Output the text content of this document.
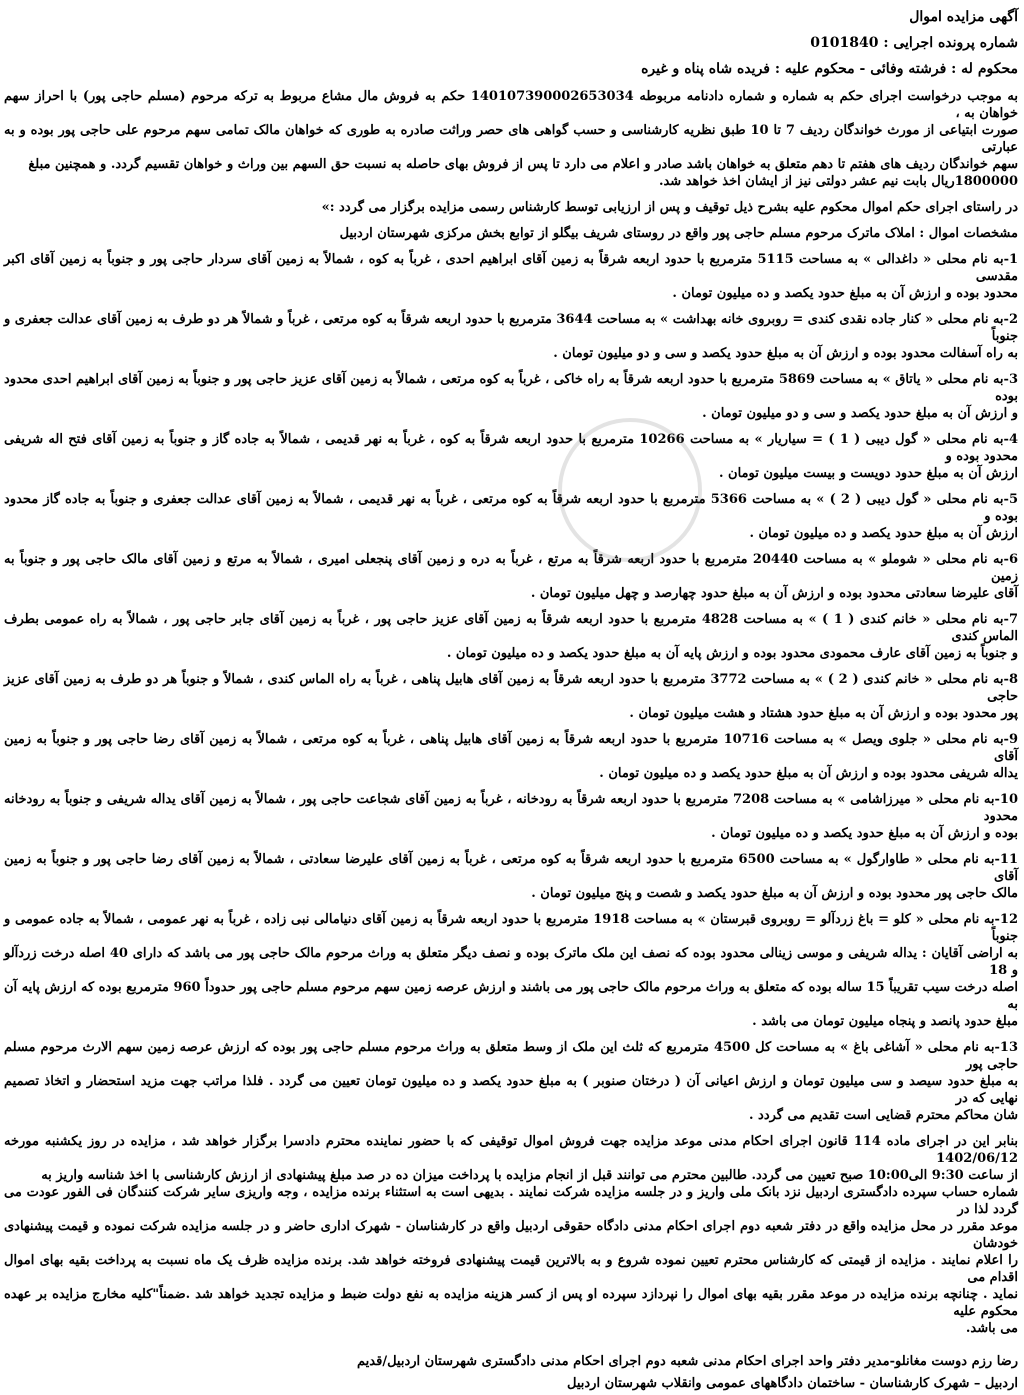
آگهی مزایده اموال

شماره پرونده اجرایی : 0101840

محکوم له : فرشته وفائی - محکوم علیه : فریده شاه پناه و غیره

به موجب درخواست اجرای حکم به شماره و شماره دادنامه مربوطه 140107390002653034 حکم به فروش مال مشاع مربوط به ترکه مرحوم (مسلم حاجی پور) با احراز سهم خواهان به ،

صورت ابتیاعی از مورث خواندگان ردیف 7 تا 10 طبق نظریه کارشناسی و حسب گواهی های حصر وراثت صادره به طوری که خواهان مالک تمامی سهم مرحوم علی حاجی پور بوده و به عبارتی

سهم خواندگان ردیف های هفتم تا دهم متعلق به خواهان باشد صادر و اعلام می دارد تا پس از فروش بهای حاصله به نسبت حق السهم بین وراث و خواهان تقسیم گردد. و همچنین مبلغ

1800000ریال بابت نیم عشر دولتی نیز از ایشان اخذ خواهد شد.

در راستای اجرای حکم اموال محکوم علیه بشرح ذیل توقیف و پس از ارزیابی توسط کارشناس رسمی مزایده برگزار می گردد :»

مشخصات اموال : املاک ماترک مرحوم مسلم حاجی پور واقع در روستای شریف بیگلو از توابع بخش مرکزی شهرستان اردبیل

1-به نام محلی « داغدالی » به مساحت 5115 مترمربع با حدود اربعه شرقاً به زمین آقای ابراهیم احدی ، غرباً به کوه ، شمالاً به زمین آقای سردار حاجی پور و جنوباً به زمین آقای اکبر مقدسی

محدود بوده و ارزش آن به مبلغ حدود یکصد و ده میلیون تومان .

2-به نام محلی « کنار جاده نقدی کندی = روبروی خانه بهداشت » به مساحت 3644 مترمربع با حدود اربعه شرقاً به کوه مرتعی ، غرباً و شمالاً هر دو طرف به زمین آقای عدالت جعفری و جنوباً

به راه آسفالت محدود بوده و ارزش آن به مبلغ حدود یکصد و سی و دو میلیون تومان .

3-به نام محلی « یاتاق » به مساحت 5869 مترمربع با حدود اربعه شرقاً به راه خاکی ، غرباً به کوه مرتعی ، شمالاً به زمین آقای عزیز حاجی پور و جنوباً به زمین آقای ابراهیم احدی محدود بوده

و ارزش آن به مبلغ حدود یکصد و سی و دو میلیون تومان .

4-به نام محلی « گول دیبی ( 1 ) = سیاریار » به مساحت 10266 مترمربع با حدود اربعه شرقاً به کوه ، غرباً به نهر قدیمی ، شمالاً به جاده گاز و جنوباً به زمین آقای فتح اله شریفی محدود بوده و

ارزش آن به مبلغ حدود دویست و بیست میلیون تومان .

5-به نام محلی « گول دیبی ( 2 ) » به مساحت 5366 مترمربع با حدود اربعه شرقاً به کوه مرتعی ، غرباً به نهر قدیمی ، شمالاً به زمین آقای عدالت جعفری و جنوباً به جاده گاز محدود بوده و

ارزش آن به مبلغ حدود یکصد و ده میلیون تومان .

6-به نام محلی « شوملو » به مساحت 20440 مترمربع با حدود اربعه شرقاً به مرتع ، غرباً به دره و زمین آقای پنجعلی امیری ، شمالاً به مرتع و زمین آقای مالک حاجی پور و جنوباً به زمین

آقای علیرضا سعادتی محدود بوده و ارزش آن به مبلغ حدود چهارصد و چهل میلیون تومان .

7-به نام محلی « خانم کندی ( 1 ) » به مساحت 4828 مترمربع با حدود اربعه شرقاً به زمین آقای عزیز حاجی پور ، غرباً به زمین آقای جابر حاجی پور ، شمالاً به راه عمومی بطرف الماس کندی

و جنوباً به زمین آقای عارف محمودی محدود بوده و ارزش پایه آن به مبلغ حدود یکصد و ده میلیون تومان .

8-به نام محلی « خانم کندی ( 2 ) » به مساحت 3772 مترمربع با حدود اربعه شرقاً به زمین آقای هابیل پناهی ، غرباً به راه الماس کندی ، شمالاً و جنوباً هر دو طرف به زمین آقای عزیز حاجی

پور محدود بوده و ارزش آن به مبلغ حدود هشتاد و هشت میلیون تومان .

9-به نام محلی « جلوی ویصل » به مساحت 10716 مترمربع با حدود اربعه شرقاً به زمین آقای هابیل پناهی ، غرباً به کوه مرتعی ، شمالاً به زمین آقای رضا حاجی پور و جنوباً به زمین آقای

یداله شریفی محدود بوده و ارزش آن به مبلغ حدود یکصد و ده میلیون تومان .

10-به نام محلی « میرزاشامی » به مساحت 7208 مترمربع با حدود اربعه شرقاً به رودخانه ، غرباً به زمین آقای شجاعت حاجی پور ، شمالاً به زمین آقای یداله شریفی و جنوباً به رودخانه محدود

بوده و ارزش آن به مبلغ حدود یکصد و ده میلیون تومان .

11-به نام محلی « طاوارگول » به مساحت 6500 مترمربع با حدود اربعه شرقاً به کوه مرتعی ، غرباً به زمین آقای علیرضا سعادتی ، شمالاً به زمین آقای رضا حاجی پور و جنوباً به زمین آقای

مالک حاجی پور محدود بوده و ارزش آن به مبلغ حدود یکصد و شصت و پنج میلیون تومان .

12-به نام محلی « کلو = باغ زردآلو = روبروی قبرستان » به مساحت 1918 مترمربع با حدود اربعه شرقاً به زمین آقای دنیامالی نبی زاده ، غرباً به نهر عمومی ، شمالاً به جاده عمومی و جنوباً

به اراضی آقایان : یداله شریفی و موسی زینالی محدود بوده که نصف این ملک ماترک بوده و نصف دیگر متعلق به وراث مرحوم مالک حاجی پور می باشد که دارای 40 اصله درخت زردآلو و 18

اصله درخت سیب تقریباً 15 ساله بوده که متعلق به وراث مرحوم مالک حاجی پور می باشند و ارزش عرصه زمین سهم مرحوم مسلم حاجی پور حدوداً 960 مترمربع بوده که ارزش پایه آن به

مبلغ حدود پانصد و پنجاه میلیون تومان می باشد .

13-به نام محلی « آشاغی باغ » به مساحت کل 4500 مترمربع که ثلث این ملک از وسط متعلق به وراث مرحوم مسلم حاجی پور بوده که ارزش عرصه زمین سهم الارث مرحوم مسلم حاجی پور

به مبلغ حدود سیصد و سی میلیون تومان و ارزش اعیانی آن ( درختان صنوبر ) به مبلغ حدود یکصد و ده میلیون تومان تعیین می گردد . فلذا مراتب جهت مزید استحضار و اتخاذ تصمیم نهایی که در

شان محاکم محترم قضایی است تقدیم می گردد .

بنابر این در اجرای ماده 114 قانون اجرای احکام مدنی موعد مزایده جهت فروش اموال توقیفی که با حضور نماینده محترم دادسرا برگزار خواهد شد ، مزایده در روز یکشنبه مورخه 1402/06/12

از ساعت 9:30 الی10:00 صبح تعیین می گردد. طالبین محترم می توانند قبل از انجام مزایده با پرداخت میزان ده در صد مبلغ پیشنهادی از ارزش کارشناسی با اخذ شناسه واریز به

شماره حساب سپرده دادگستری اردبیل نزد بانک ملی واریز و در جلسه مزایده شرکت نمایند . بدیهی است به استثناء برنده مزایده ، وجه واریزی سایر شرکت کنندگان فی الفور عودت می گردد لذا در

موعد مقرر در محل مزایده واقع در دفتر شعبه دوم اجرای احکام مدنی دادگاه حقوقی اردبیل واقع در کارشناسان - شهرک اداری حاضر و در جلسه مزایده شرکت نموده و قیمت پیشنهادی خودشان

را اعلام نمایند . مزایده از قیمتی که کارشناس محترم تعیین نموده شروع و به بالاترین قیمت پیشنهادی فروخته خواهد شد. برنده مزایده ظرف یک ماه نسبت به پرداخت بقیه بهای اموال اقدام می

نماید . چنانچه برنده مزایده در موعد مقرر بقیه بهای اموال را نپردازد سپرده او پس از کسر هزینه مزایده به نفع دولت ضبط و مزایده تجدید خواهد شد .ضمناً"کلیه مخارج مزایده بر عهده محکوم علیه

می باشد.

رضا رزم دوست مغانلو-مدیر دفتر واحد اجرای احکام مدنی شعبه دوم اجرای احکام مدنی دادگستری شهرستان اردبیل/قدیم

اردبیل – شهرک کارشناسان - ساختمان دادگاههای عمومی وانقلاب شهرستان اردبیل
